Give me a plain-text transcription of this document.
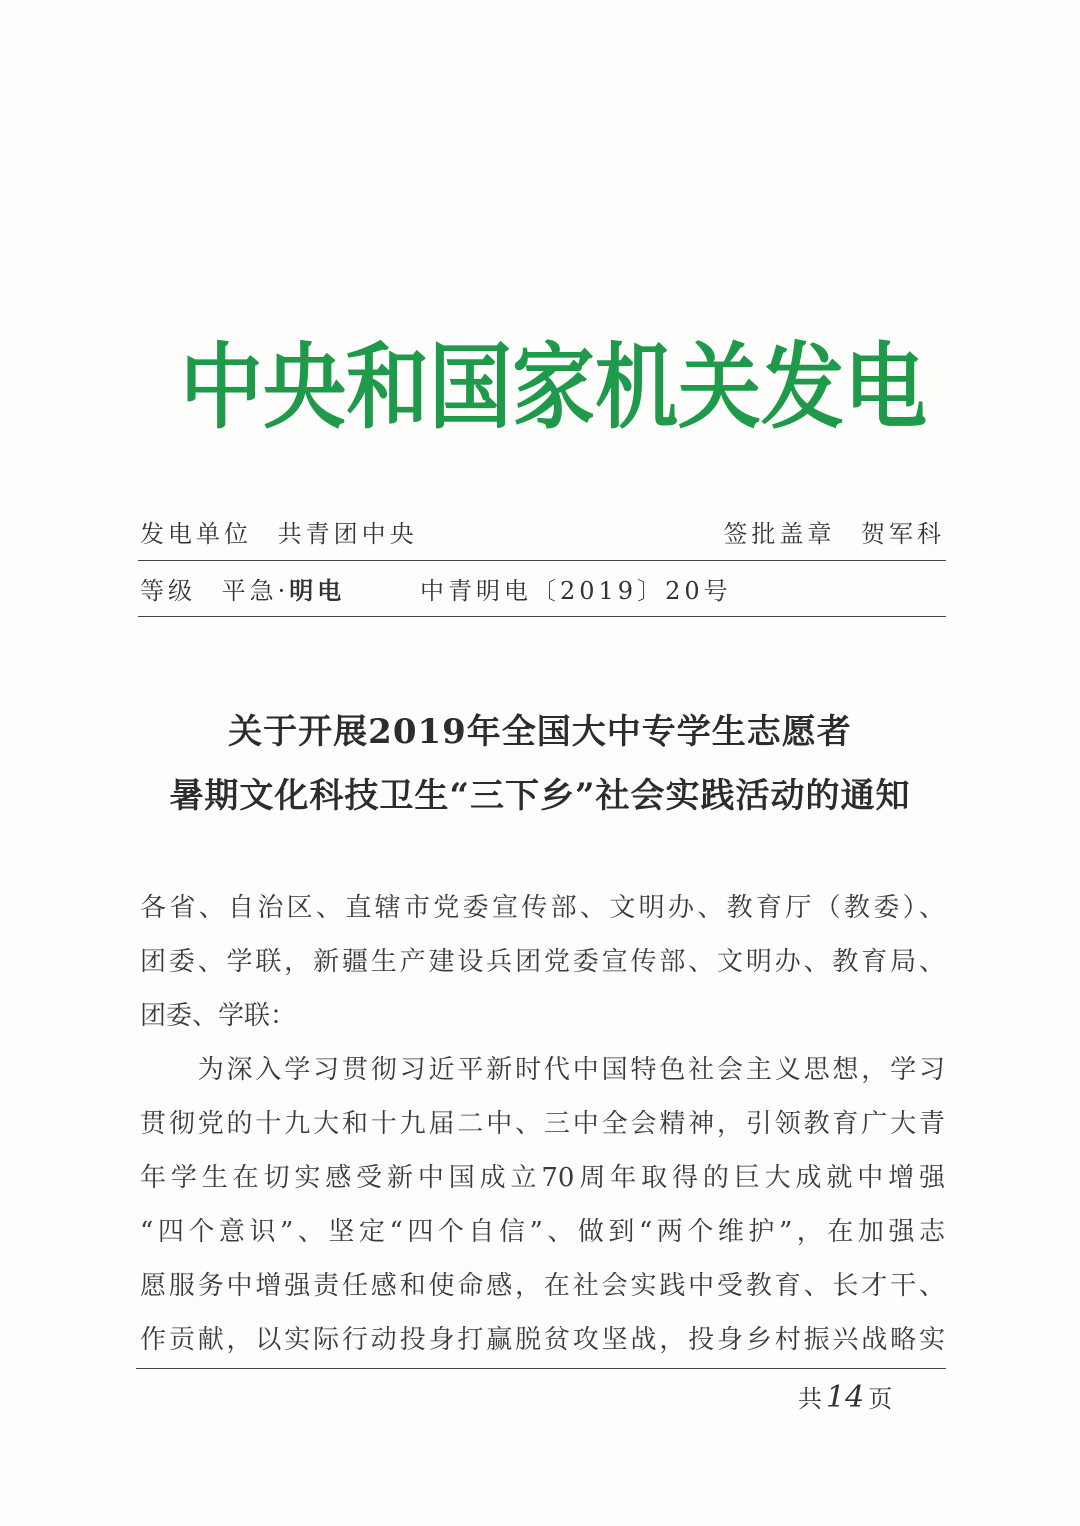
中央和国家机关发电
发电单位 共青团中央	签批盖章 贺军科
等级 平急·明电	中青明电〔2019〕20号
关于开展2019年全国大中专学生志愿者
暑期文化科技卫生“三下乡”社会实践活动的通知
各省、自治区、直辖市党委宣传部、文明办、教育厅（教委）、
团委、学联，新疆生产建设兵团党委宣传部、文明办、教育局、
团委、学联：
　　为深入学习贯彻习近平新时代中国特色社会主义思想，学习
贯彻党的十九大和十九届二中、三中全会精神，引领教育广大青
年学生在切实感受新中国成立70周年取得的巨大成就中增强
“四个意识”、坚定“四个自信”、做到“两个维护”，在加强志
愿服务中增强责任感和使命感，在社会实践中受教育、长才干、
作贡献，以实际行动投身打赢脱贫攻坚战，投身乡村振兴战略实
共 14 页
